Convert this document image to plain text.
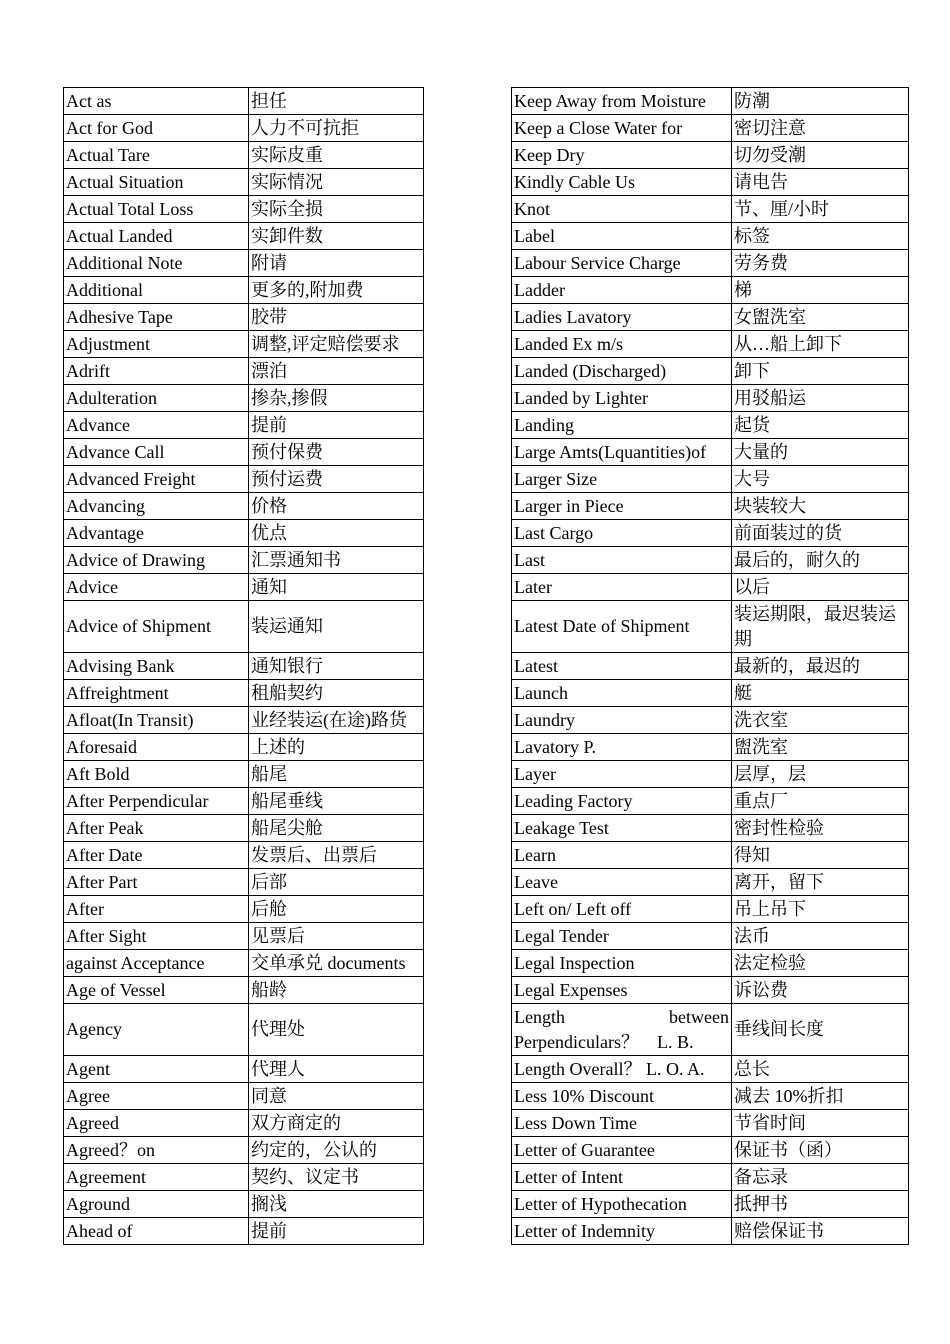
Act as	担任
Act for God	人力不可抗拒
Actual Tare	实际皮重
Actual Situation	实际情况
Actual Total Loss	实际全损
Actual Landed	实卸件数
Additional Note	附请
Additional	更多的,附加费
Adhesive Tape	胶带
Adjustment	调整,评定赔偿要求
Adrift	漂泊
Adulteration	掺杂,掺假
Advance	提前
Advance Call	预付保费
Advanced Freight	预付运费
Advancing	价格
Advantage	优点
Advice of Drawing	汇票通知书
Advice	通知
Advice of Shipment	装运通知
Advising Bank	通知银行
Affreightment	租船契约
Afloat(In Transit)	业经装运(在途)路货
Aforesaid	上述的
Aft Bold	船尾
After Perpendicular	船尾垂线
After Peak	船尾尖舱
After Date	发票后、出票后
After Part	后部
After	后舱
After Sight	见票后
against Acceptance	交单承兑 documents
Age of Vessel	船龄
Agency	代理处
Agent	代理人
Agree	同意
Agreed	双方商定的
Agreed？on	约定的，公认的
Agreement	契约、议定书
Aground	搁浅
Ahead of	提前
Keep Away from Moisture	防潮
Keep a Close Water for	密切注意
Keep Dry	切勿受潮
Kindly Cable Us	请电告
Knot	节、厘/小时
Label	标签
Labour Service Charge	劳务费
Ladder	梯
Ladies Lavatory	女盥洗室
Landed Ex m/s	从…船上卸下
Landed (Discharged)	卸下
Landed by Lighter	用驳船运
Landing	起货
Large Amts(Lquantities)of	大量的
Larger Size	大号
Larger in Piece	块装较大
Last Cargo	前面装过的货
Last	最后的，耐久的
Later	以后
Latest Date of Shipment	装运期限，最迟装运期
Latest	最新的，最迟的
Launch	艇
Laundry	洗衣室
Lavatory P.	盥洗室
Layer	层厚，层
Leading Factory	重点厂
Leakage Test	密封性检验
Learn	得知
Leave	离开，留下
Left on/ Left off	吊上吊下
Legal Tender	法币
Legal Inspection	法定检验
Legal Expenses	诉讼费

Length between
Perpendiculars？　L. B.	垂线间长度
Length Overall？ L. O. A.	总长
Less 10% Discount	减去 10%折扣
Less Down Time	节省时间
Letter of Guarantee	保证书（函）
Letter of Intent	备忘录
Letter of Hypothecation	抵押书
Letter of Indemnity	赔偿保证书
